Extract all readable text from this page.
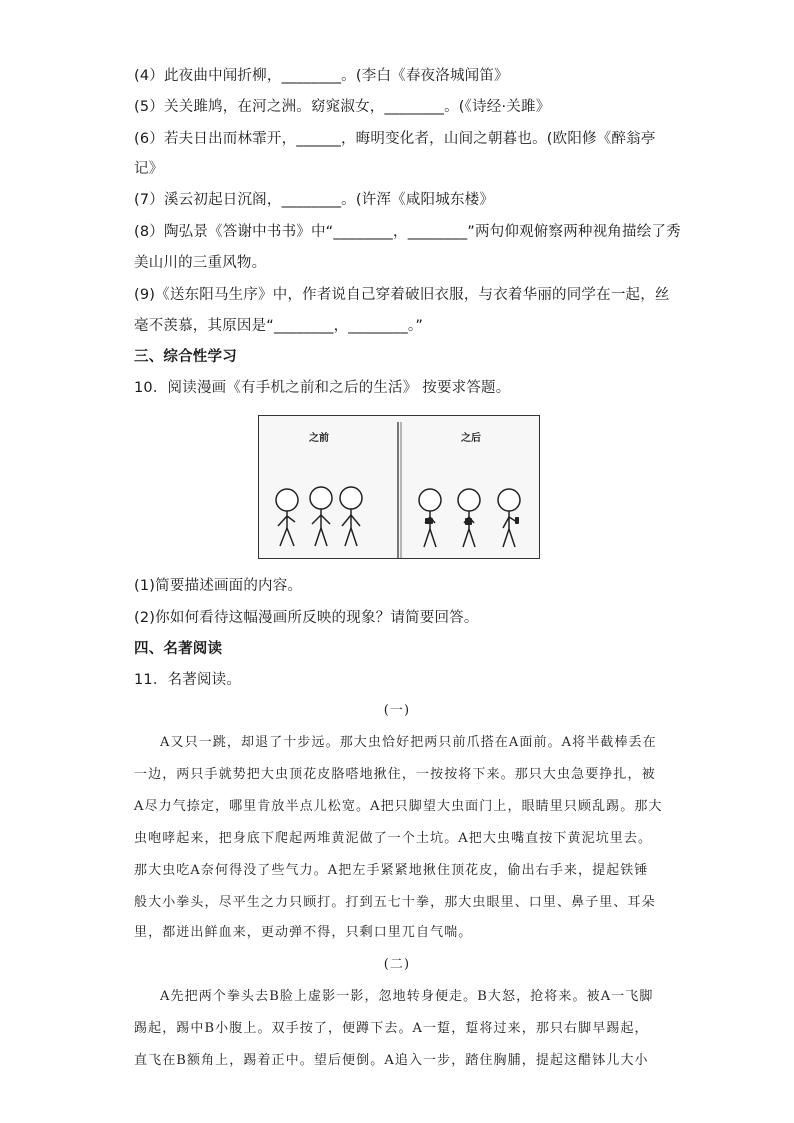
(4）此夜曲中闻折柳，________。(李白《春夜洛城闻笛》
(5）关关雎鸠，在河之洲。窈窕淑女，________。(《诗经·关雎》
(6）若夫日出而林霏开，______，晦明变化者，山间之朝暮也。(欧阳修《醉翁亭
记》
(7）溪云初起日沉阁，________。(许浑《咸阳城东楼》
(8）陶弘景《答谢中书书》中“________，________”两句仰观俯察两种视角描绘了秀
美山川的三重风物。
(9)《送东阳马生序》中，作者说自己穿着破旧衣服，与衣着华丽的同学在一起，丝
毫不羡慕，其原因是“________，________。”
三、综合性学习
10．阅读漫画《有手机之前和之后的生活》 按要求答题。
之前	之后
(1)简要描述画面的内容。
(2)你如何看待这幅漫画所反映的现象？请简要回答。
四、名著阅读
11．名著阅读。
(一)
A又只一跳，却退了十步远。那大虫恰好把两只前爪搭在A面前。A将半截棒丢在
一边，两只手就势把大虫顶花皮胳嗒地揪住，一按按将下来。那只大虫急要挣扎，被
A尽力气捺定，哪里肯放半点儿松宽。A把只脚望大虫面门上，眼睛里只顾乱踢。那大
虫咆哮起来，把身底下爬起两堆黄泥做了一个土坑。A把大虫嘴直按下黄泥坑里去。
那大虫吃A奈何得没了些气力。A把左手紧紧地揪住顶花皮，偷出右手来，提起铁锤
般大小拳头，尽平生之力只顾打。打到五七十拳，那大虫眼里、口里、鼻子里、耳朵
里，都迸出鲜血来，更动弹不得，只剩口里兀自气喘。
(二)
A先把两个拳头去B脸上虚影一影，忽地转身便走。B大怒，抢将来。被A一飞脚
踢起，踢中B小腹上。双手按了，便蹲下去。A一踅，踅将过来，那只右脚早踢起，
直飞在B额角上，踢着正中。望后便倒。A追入一步，踏住胸脯，提起这醋钵儿大小
